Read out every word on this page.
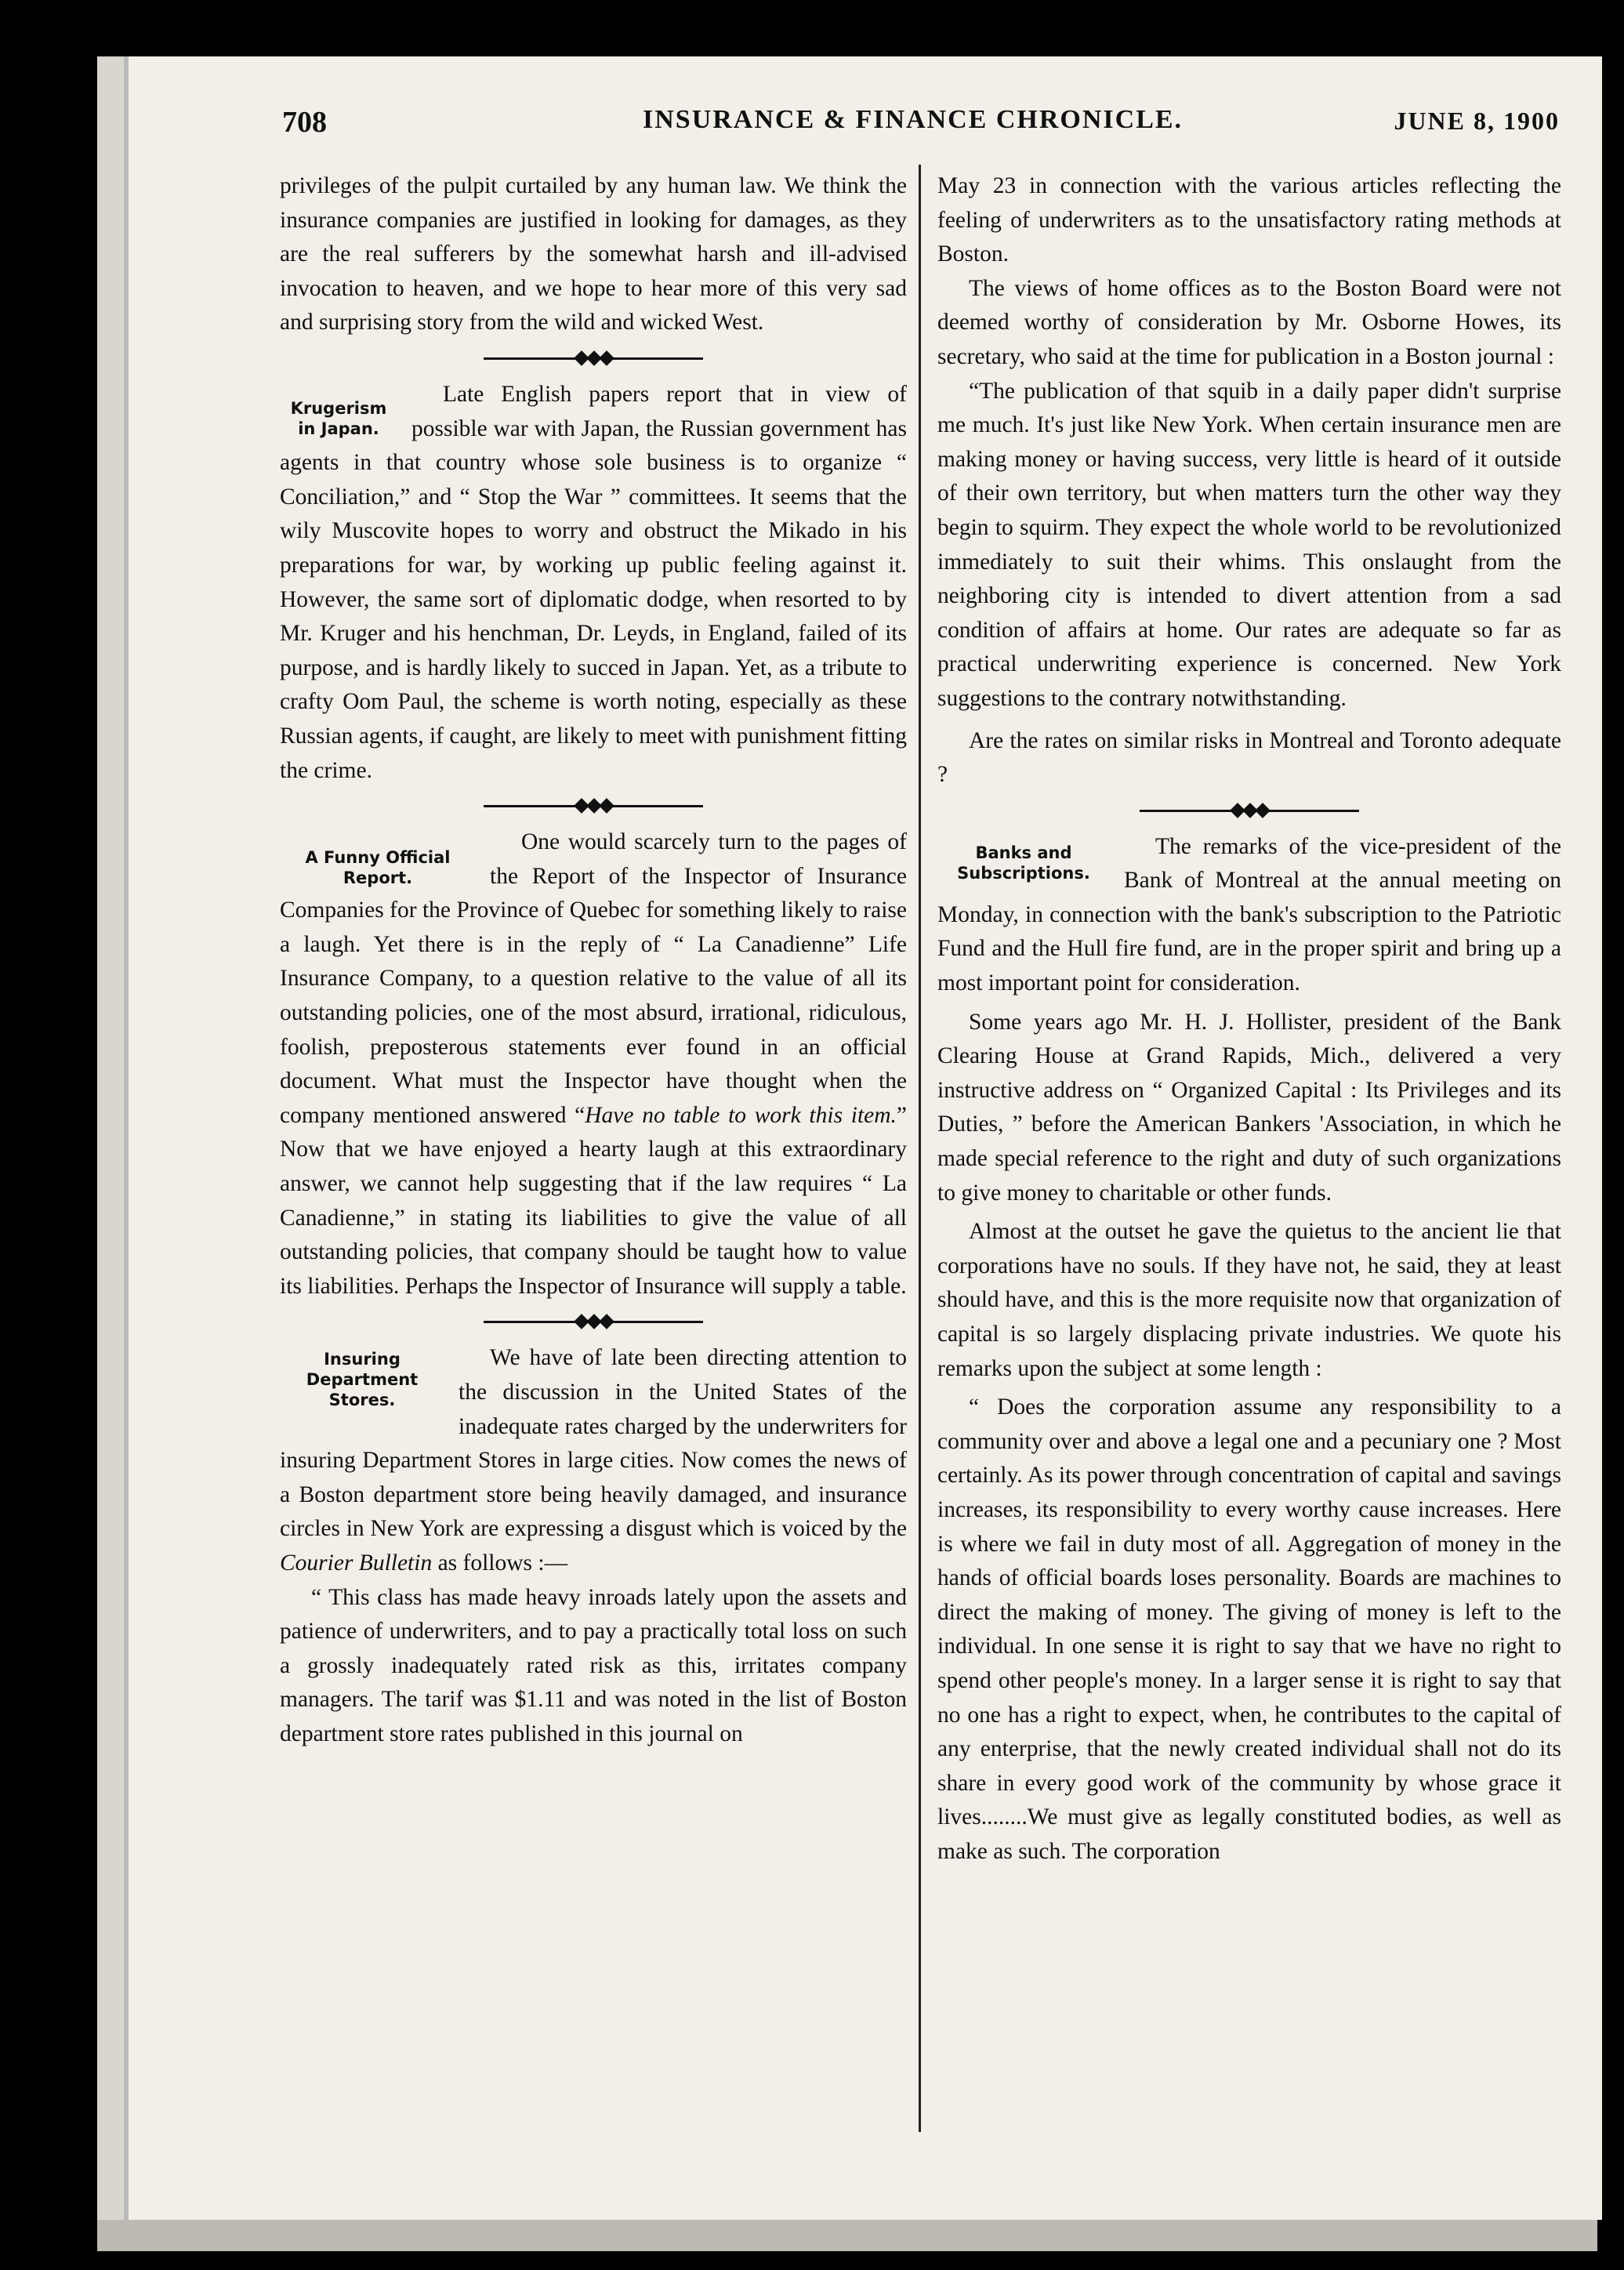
708	INSURANCE & FINANCE CHRONICLE.	JUNE 8, 1900

privileges of the pulpit curtailed by any human law. We think the insurance companies are justified in looking for damages, as they are the real sufferers by the somewhat harsh and ill-advised invocation to heaven, and we hope to hear more of this very sad and surprising story from the wild and wicked West.

Krugerism in Japan.

Late English papers report that in view of possible war with Japan, the Russian government has agents in that country whose sole business is to organize “ Conciliation,” and “ Stop the War ” committees. It seems that the wily Muscovite hopes to worry and obstruct the Mikado in his preparations for war, by working up public feeling against it. However, the same sort of diplomatic dodge, when resorted to by Mr. Kruger and his henchman, Dr. Leyds, in England, failed of its purpose, and is hardly likely to succed in Japan. Yet, as a tribute to crafty Oom Paul, the scheme is worth noting, especially as these Russian agents, if caught, are likely to meet with punishment fitting the crime.

A Funny Official Report.

One would scarcely turn to the pages of the Report of the Inspector of Insurance Companies for the Province of Quebec for something likely to raise a laugh. Yet there is in the reply of “ La Canadienne” Life Insurance Company, to a question relative to the value of all its outstanding policies, one of the most absurd, irrational, ridiculous, foolish, preposterous statements ever found in an official document. What must the Inspector have thought when the company mentioned answered “Have no table to work this item.” Now that we have enjoyed a hearty laugh at this extraordinary answer, we cannot help suggesting that if the law requires “ La Canadienne,” in stating its liabilities to give the value of all outstanding policies, that company should be taught how to value its liabilities. Perhaps the Inspector of Insurance will supply a table.

Insuring Department Stores.

We have of late been directing attention to the discussion in the United States of the inadequate rates charged by the underwriters for insuring Department Stores in large cities. Now comes the news of a Boston department store being heavily damaged, and insurance circles in New York are expressing a disgust which is voiced by the Courier Bulletin as follows :—

“ This class has made heavy inroads lately upon the assets and patience of underwriters, and to pay a practically total loss on such a grossly inadequately rated risk as this, irritates company managers. The tarif was $1.11 and was noted in the list of Boston department store rates published in this journal on

May 23 in connection with the various articles reflecting the feeling of underwriters as to the unsatisfactory rating methods at Boston.

The views of home offices as to the Boston Board were not deemed worthy of consideration by Mr. Osborne Howes, its secretary, who said at the time for publication in a Boston journal :

“The publication of that squib in a daily paper didn't surprise me much. It's just like New York. When certain insurance men are making money or having success, very little is heard of it outside of their own territory, but when matters turn the other way they begin to squirm. They expect the whole world to be revolutionized immediately to suit their whims. This onslaught from the neighboring city is intended to divert attention from a sad condition of affairs at home. Our rates are adequate so far as practical underwriting experience is concerned. New York suggestions to the contrary notwithstanding.

Are the rates on similar risks in Montreal and Toronto adequate ?

Banks and Subscriptions.

The remarks of the vice-president of the Bank of Montreal at the annual meeting on Monday, in connection with the bank's subscription to the Patriotic Fund and the Hull fire fund, are in the proper spirit and bring up a most important point for consideration.

Some years ago Mr. H. J. Hollister, president of the Bank Clearing House at Grand Rapids, Mich., delivered a very instructive address on “ Organized Capital : Its Privileges and its Duties, ” before the American Bankers 'Association, in which he made special reference to the right and duty of such organizations to give money to charitable or other funds.

Almost at the outset he gave the quietus to the ancient lie that corporations have no souls. If they have not, he said, they at least should have, and this is the more requisite now that organization of capital is so largely displacing private industries. We quote his remarks upon the subject at some length :

“ Does the corporation assume any responsibility to a community over and above a legal one and a pecuniary one ? Most certainly. As its power through concentration of capital and savings increases, its responsibility to every worthy cause increases. Here is where we fail in duty most of all. Aggregation of money in the hands of official boards loses personality. Boards are machines to direct the making of money. The giving of money is left to the individual. In one sense it is right to say that we have no right to spend other people's money. In a larger sense it is right to say that no one has a right to expect, when, he contributes to the capital of any enterprise, that the newly created individual shall not do its share in every good work of the community by whose grace it lives........We must give as legally constituted bodies, as well as make as such. The corporation
